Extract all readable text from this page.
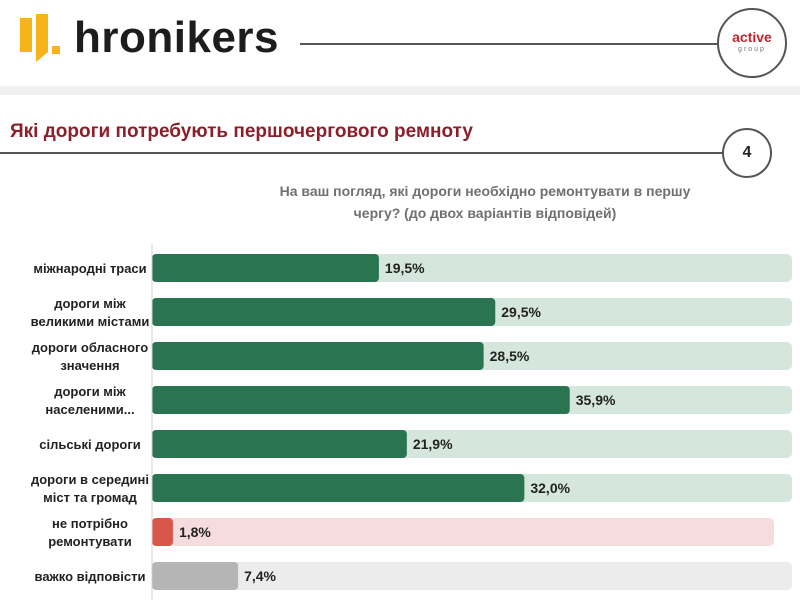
hronikers	active
group
Які дороги потребують першочергового ремноту
4
На ваш погляд, які дороги необхідно ремонтувати в першу чергу? (до двох варіантів відповідей)
19,5%
міжнародні траси
29,5%
дороги між
великими містами
28,5%
дороги обласного
значення
35,9%
дороги між
населеними...
21,9%
сільські дороги
32,0%
дороги в середині
міст та громад
1,8%
не потрібно
ремонтувати
7,4%
важко відповісти
